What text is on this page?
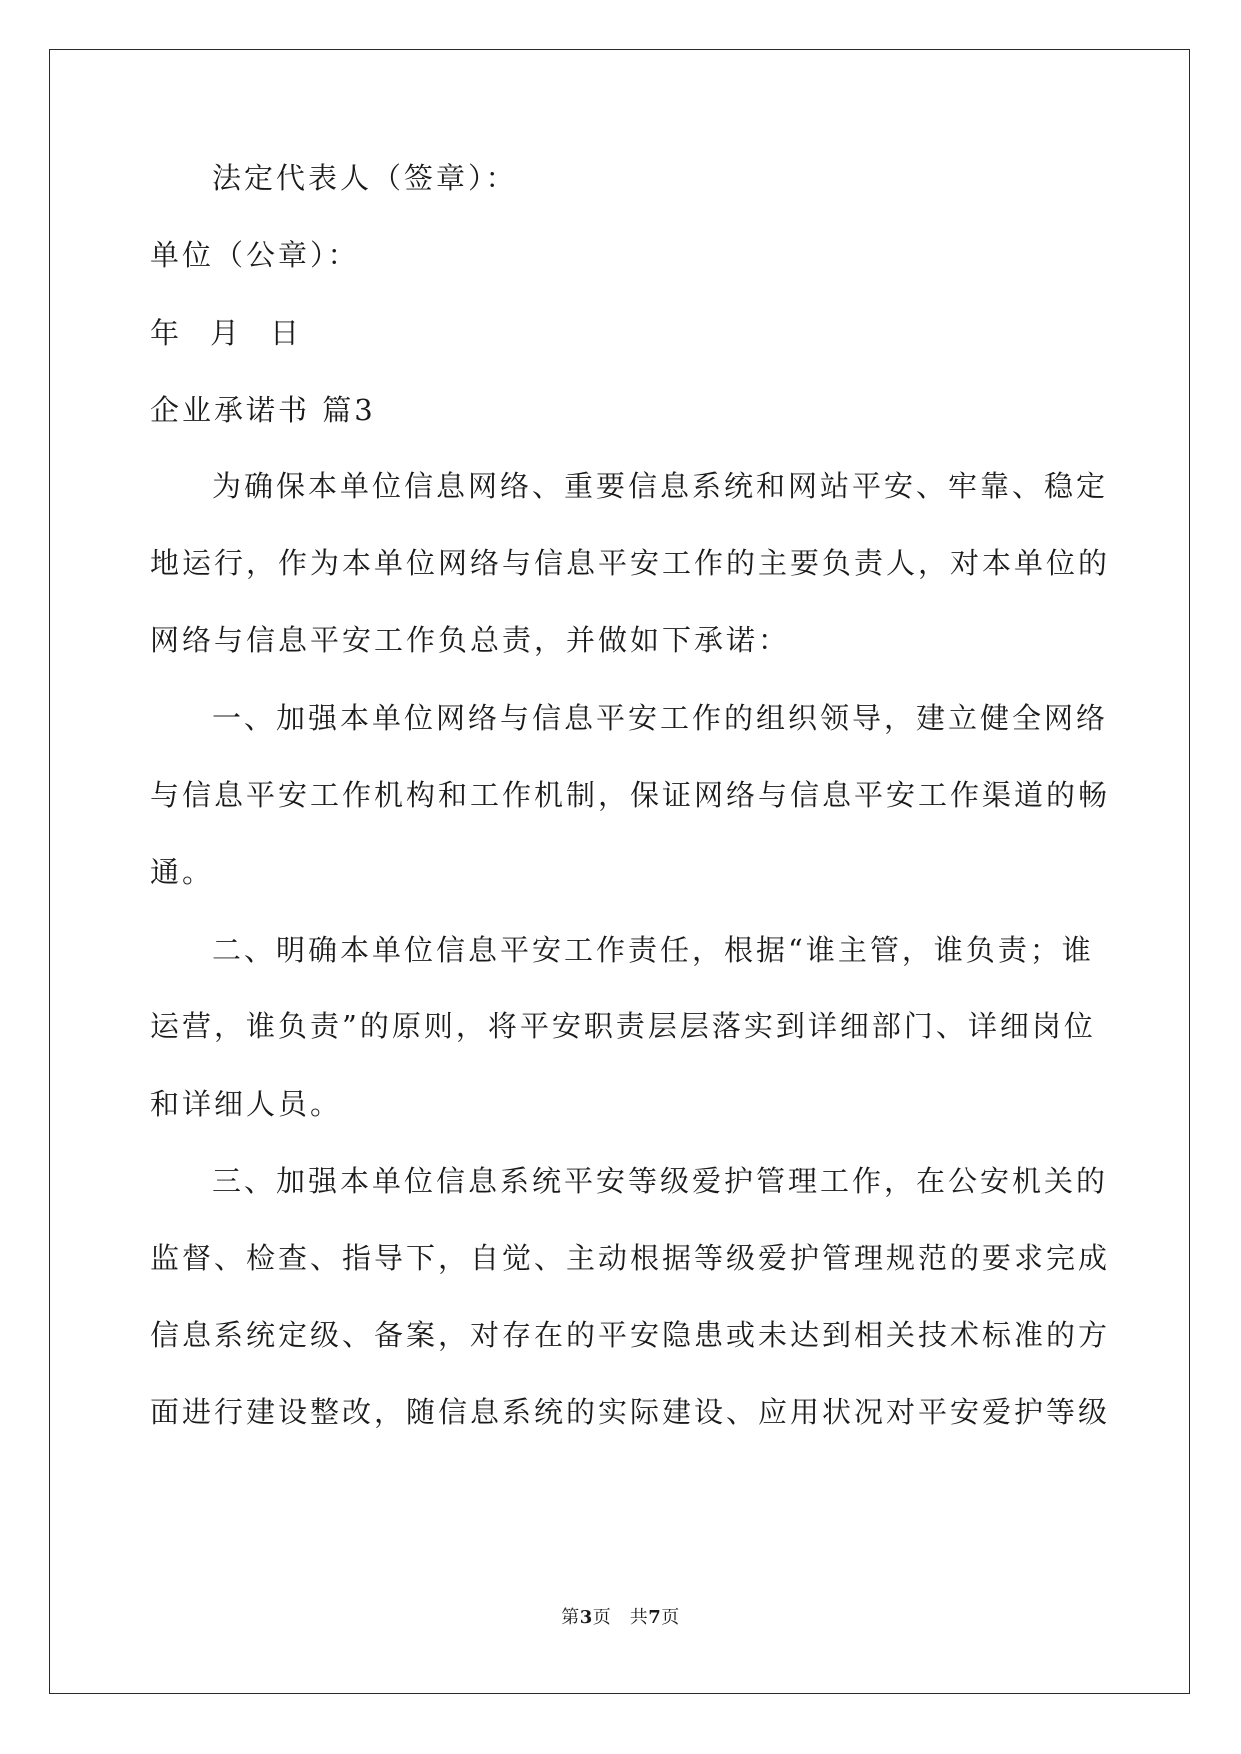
法定代表人（签章）：
单位（公章）：
年 月 日
企业承诺书 篇3
为确保本单位信息网络、重要信息系统和网站平安、牢靠、稳定
地运行，作为本单位网络与信息平安工作的主要负责人，对本单位的
网络与信息平安工作负总责，并做如下承诺：
一、加强本单位网络与信息平安工作的组织领导，建立健全网络
与信息平安工作机构和工作机制，保证网络与信息平安工作渠道的畅
通。
二、明确本单位信息平安工作责任，根据“谁主管，谁负责；谁
运营，谁负责”的原则，将平安职责层层落实到详细部门、详细岗位
和详细人员。
三、加强本单位信息系统平安等级爱护管理工作，在公安机关的
监督、检查、指导下，自觉、主动根据等级爱护管理规范的要求完成
信息系统定级、备案，对存在的平安隐患或未达到相关技术标准的方
面进行建设整改，随信息系统的实际建设、应用状况对平安爱护等级
第3页　共7页
